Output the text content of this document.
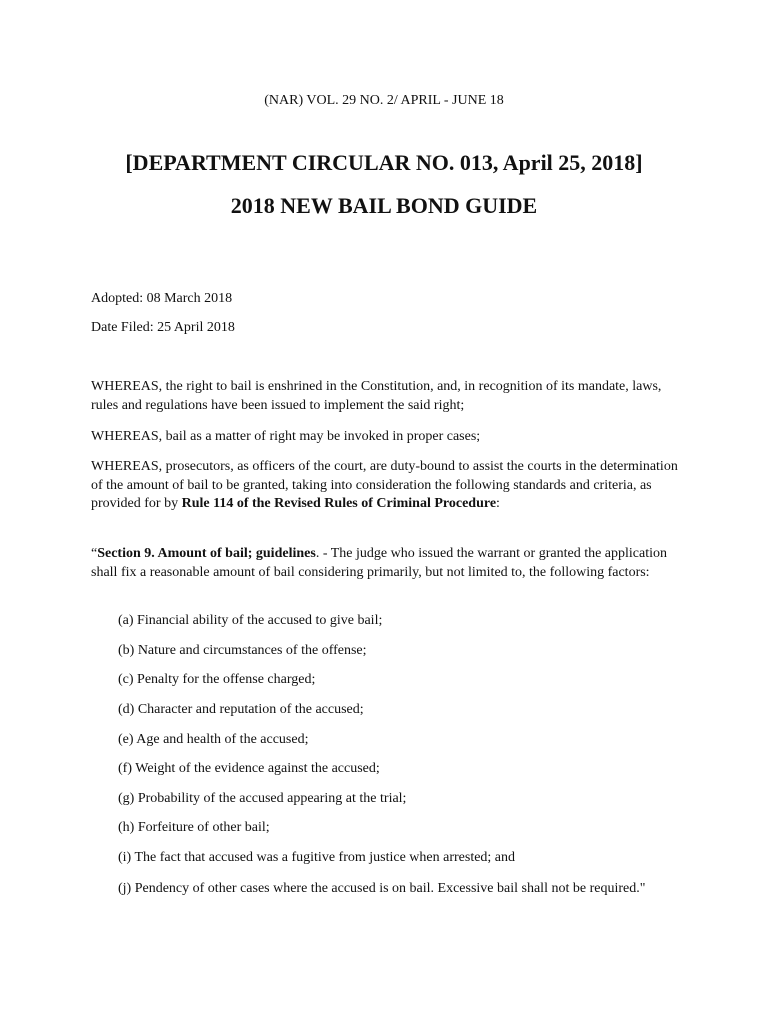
(NAR) VOL. 29 NO. 2/ APRIL - JUNE 18
[DEPARTMENT CIRCULAR NO. 013, April 25, 2018]
2018 NEW BAIL BOND GUIDE
Adopted: 08 March 2018
Date Filed: 25 April 2018
WHEREAS, the right to bail is enshrined in the Constitution, and, in recognition of its mandate, laws, rules and regulations have been issued to implement the said right;
WHEREAS, bail as a matter of right may be invoked in proper cases;
WHEREAS, prosecutors, as officers of the court, are duty-bound to assist the courts in the determination of the amount of bail to be granted, taking into consideration the following standards and criteria, as provided for by Rule 114 of the Revised Rules of Criminal Procedure:
“Section 9. Amount of bail; guidelines. - The judge who issued the warrant or granted the application shall fix a reasonable amount of bail considering primarily, but not limited to, the following factors:
(a) Financial ability of the accused to give bail;
(b) Nature and circumstances of the offense;
(c) Penalty for the offense charged;
(d) Character and reputation of the accused;
(e) Age and health of the accused;
(f) Weight of the evidence against the accused;
(g) Probability of the accused appearing at the trial;
(h) Forfeiture of other bail;
(i) The fact that accused was a fugitive from justice when arrested; and
(j) Pendency of other cases where the accused is on bail. Excessive bail shall not be required."
